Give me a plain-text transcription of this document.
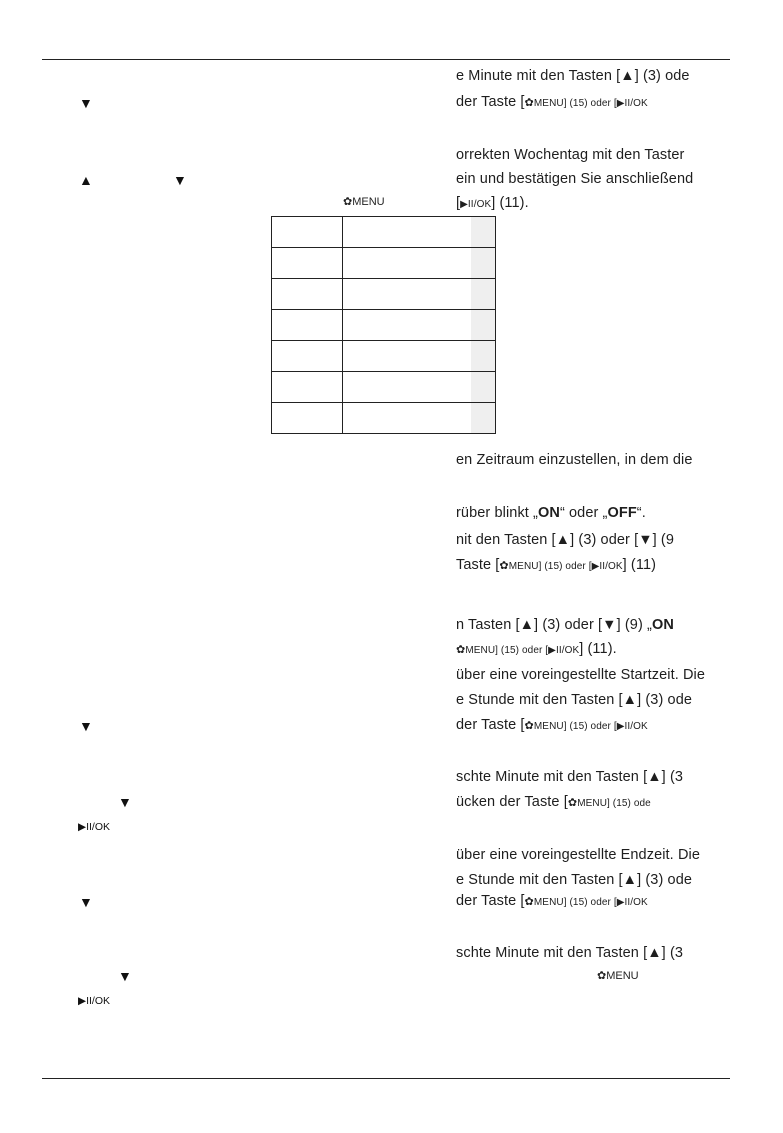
▼
▲	▼
✿MENU
▼
▼
▶II/OK
▼
▼
▶II/OK
✿MENU

e Minute mit den Tasten [▲] (3) ode
der Taste [✿MENU] (15) oder [▶II/OK
orrekten Wochentag mit den Taster
ein und bestätigen Sie anschließend
[▶II/OK] (11).
en Zeitraum einzustellen, in dem die
rüber blinkt „ON“ oder „OFF“.
nit den Tasten [▲] (3) oder [▼] (9
Taste [✿MENU] (15) oder [▶II/OK] (11)
n Tasten [▲] (3) oder [▼] (9) „ON
✿MENU] (15) oder [▶II/OK] (11).
über eine voreingestellte Startzeit. Die
e Stunde mit den Tasten [▲] (3) ode
der Taste [✿MENU] (15) oder [▶II/OK
schte Minute mit den Tasten [▲] (3
ücken der Taste [✿MENU] (15) ode
über eine voreingestellte Endzeit. Die
e Stunde mit den Tasten [▲] (3) ode
der Taste [✿MENU] (15) oder [▶II/OK
schte Minute mit den Tasten [▲] (3
